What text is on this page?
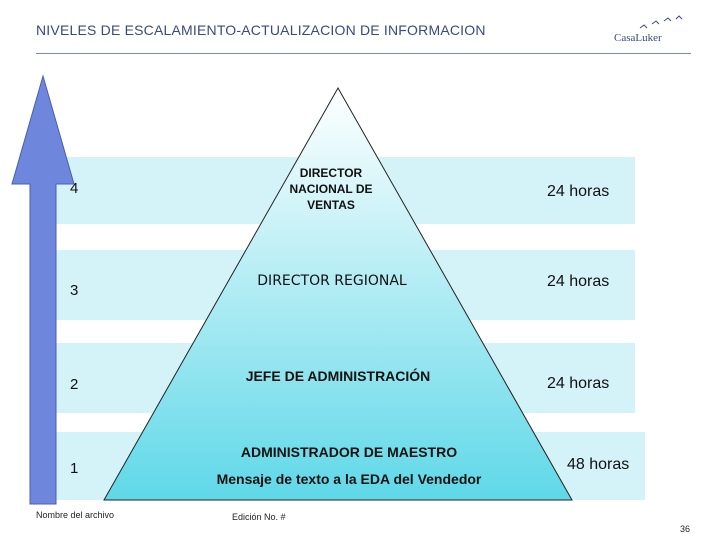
NIVELES DE ESCALAMIENTO-ACTUALIZACION DE INFORMACION	CasaLuker
4
3
2
1
DIRECTOR NACIONAL DE VENTAS
DIRECTOR REGIONAL
JEFE DE ADMINISTRACIÓN
ADMINISTRADOR DE MAESTRO
Mensaje de texto a la EDA del Vendedor
24 horas
24 horas
24 horas
48 horas
Nombre del archivo	Edición No. #
36
